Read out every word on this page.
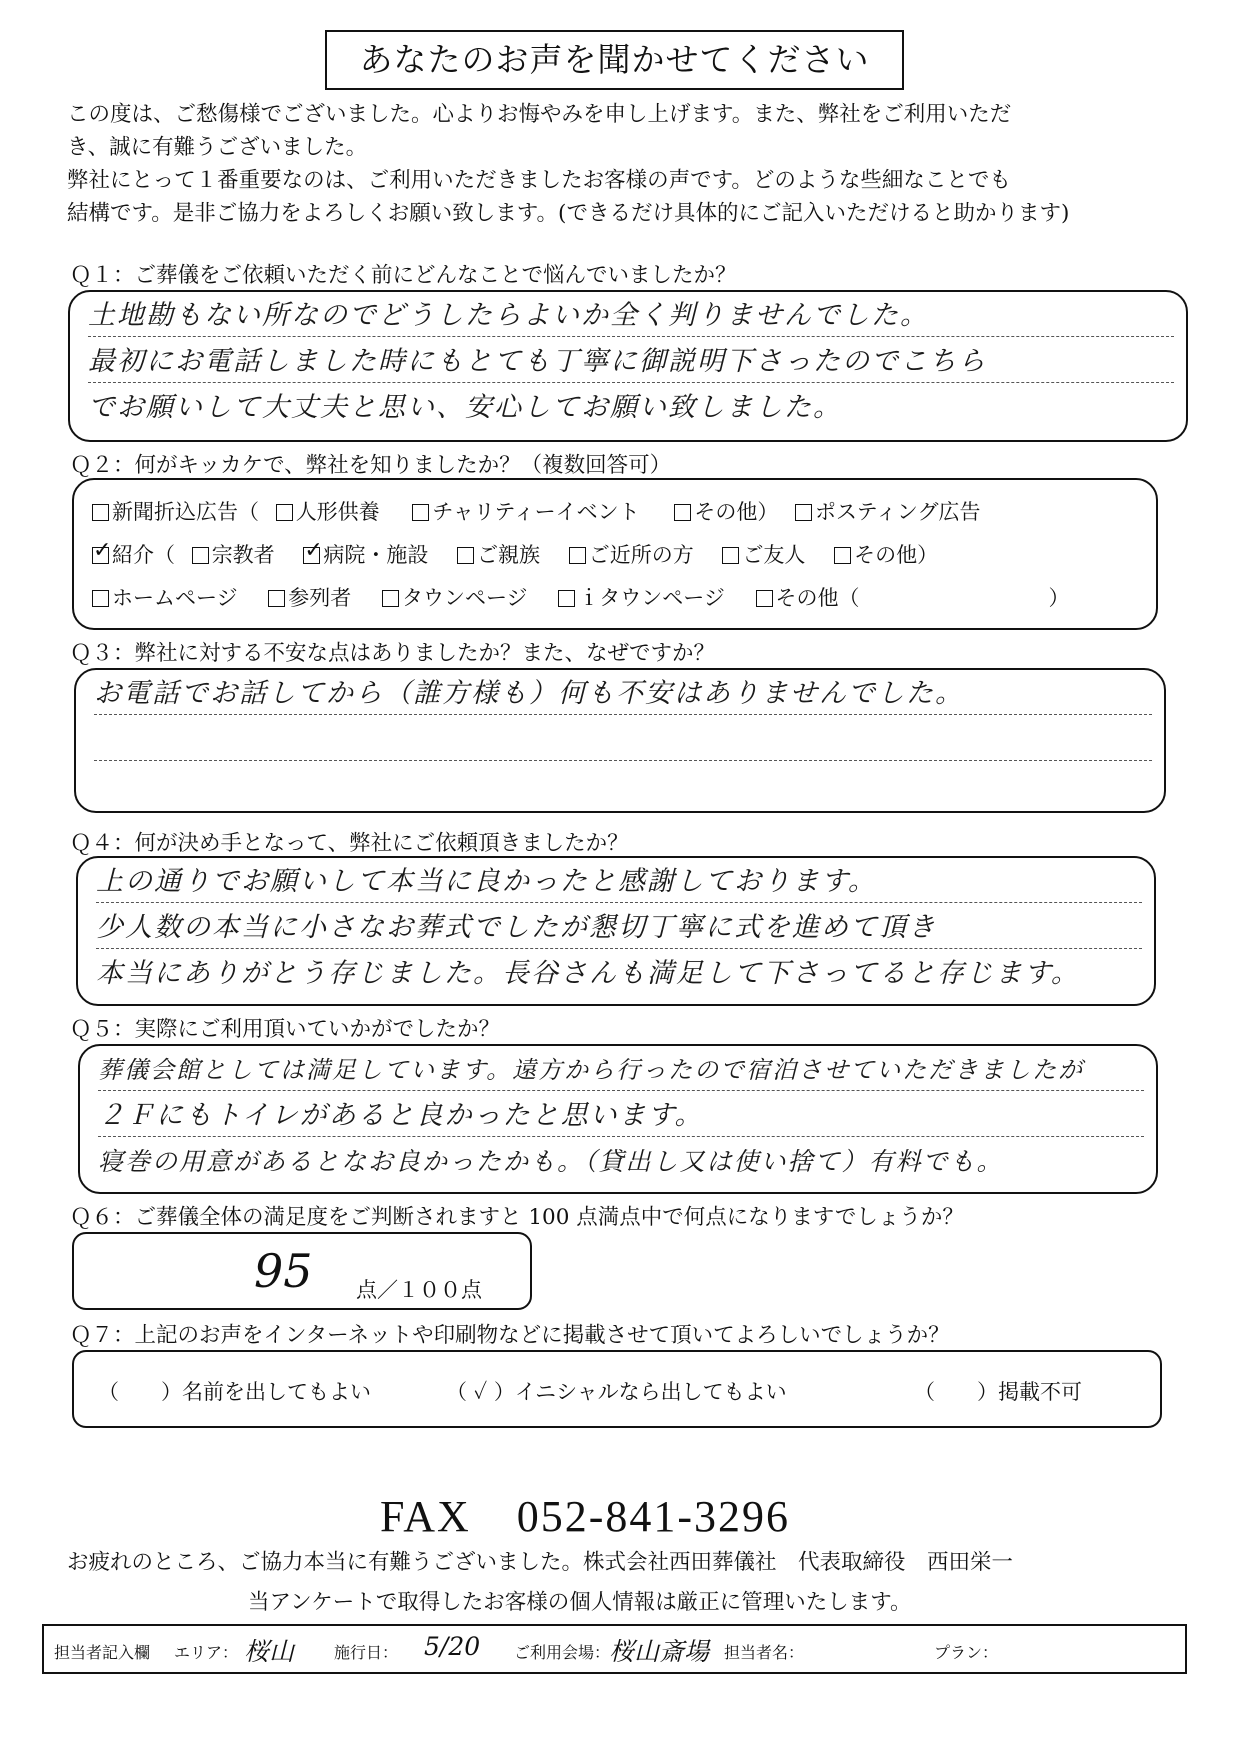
あなたのお声を聞かせてください
この度は、ご愁傷様でございました。心よりお悔やみを申し上げます。また、弊社をご利用いただ
き、誠に有難うございました。
弊社にとって１番重要なのは、ご利用いただきましたお客様の声です。どのような些細なことでも
結構です。是非ご協力をよろしくお願い致します。(できるだけ具体的にご記入いただけると助かります)
Ｑ１：ご葬儀をご依頼いただく前にどんなことで悩んでいましたか？
土地勘もない所なのでどうしたらよいか全く判りませんでした。
最初にお電話しました時にもとても丁寧に御説明下さったのでこちら
でお願いして大丈夫と思い、安心してお願い致しました。
Ｑ２：何がキッカケで、弊社を知りましたか？（複数回答可）
新聞折込広告（ 人形供養	チャリティーイベント	その他） ポスティング広告
✓紹介（ 宗教者 ✓ 病院・施設 ご親族 ご近所の方 ご友人 その他）
ホームページ 参列者 タウンページ ｉタウンページ その他（　　　　　　　　　）
Ｑ３：弊社に対する不安な点はありましたか？また、なぜですか？
お電話でお話してから（誰方様も）何も不安はありませんでした。
Ｑ４：何が決め手となって、弊社にご依頼頂きましたか？
上の通りでお願いして本当に良かったと感謝しております。
少人数の本当に小さなお葬式でしたが懇切丁寧に式を進めて頂き
本当にありがとう存じました。長谷さんも満足して下さってると存じます。
Ｑ５：実際にご利用頂いていかがでしたか？
葬儀会館としては満足しています。遠方から行ったので宿泊させていただきましたが
２Ｆにもトイレがあると良かったと思います。
寝巻の用意があるとなお良かったかも。（貸出し又は使い捨て）有料でも。
Ｑ６：ご葬儀全体の満足度をご判断されますと 100 点満点中で何点になりますでしょうか？
95 点／１００点
Ｑ７：上記のお声をインターネットや印刷物などに掲載させて頂いてよろしいでしょうか？
（　　）名前を出してもよい	（ ✓ ）イニシャルなら出してもよい	（　　）掲載不可
FAX　052-841-3296
お疲れのところ、ご協力本当に有難うございました。株式会社西田葬儀社　代表取締役　西田栄一
当アンケートで取得したお客様の個人情報は厳正に管理いたします。
担当者記入欄 エリア： 桜山 施行日： 5/20 ご利用会場：
桜山斎場 担当者名：	プラン：
